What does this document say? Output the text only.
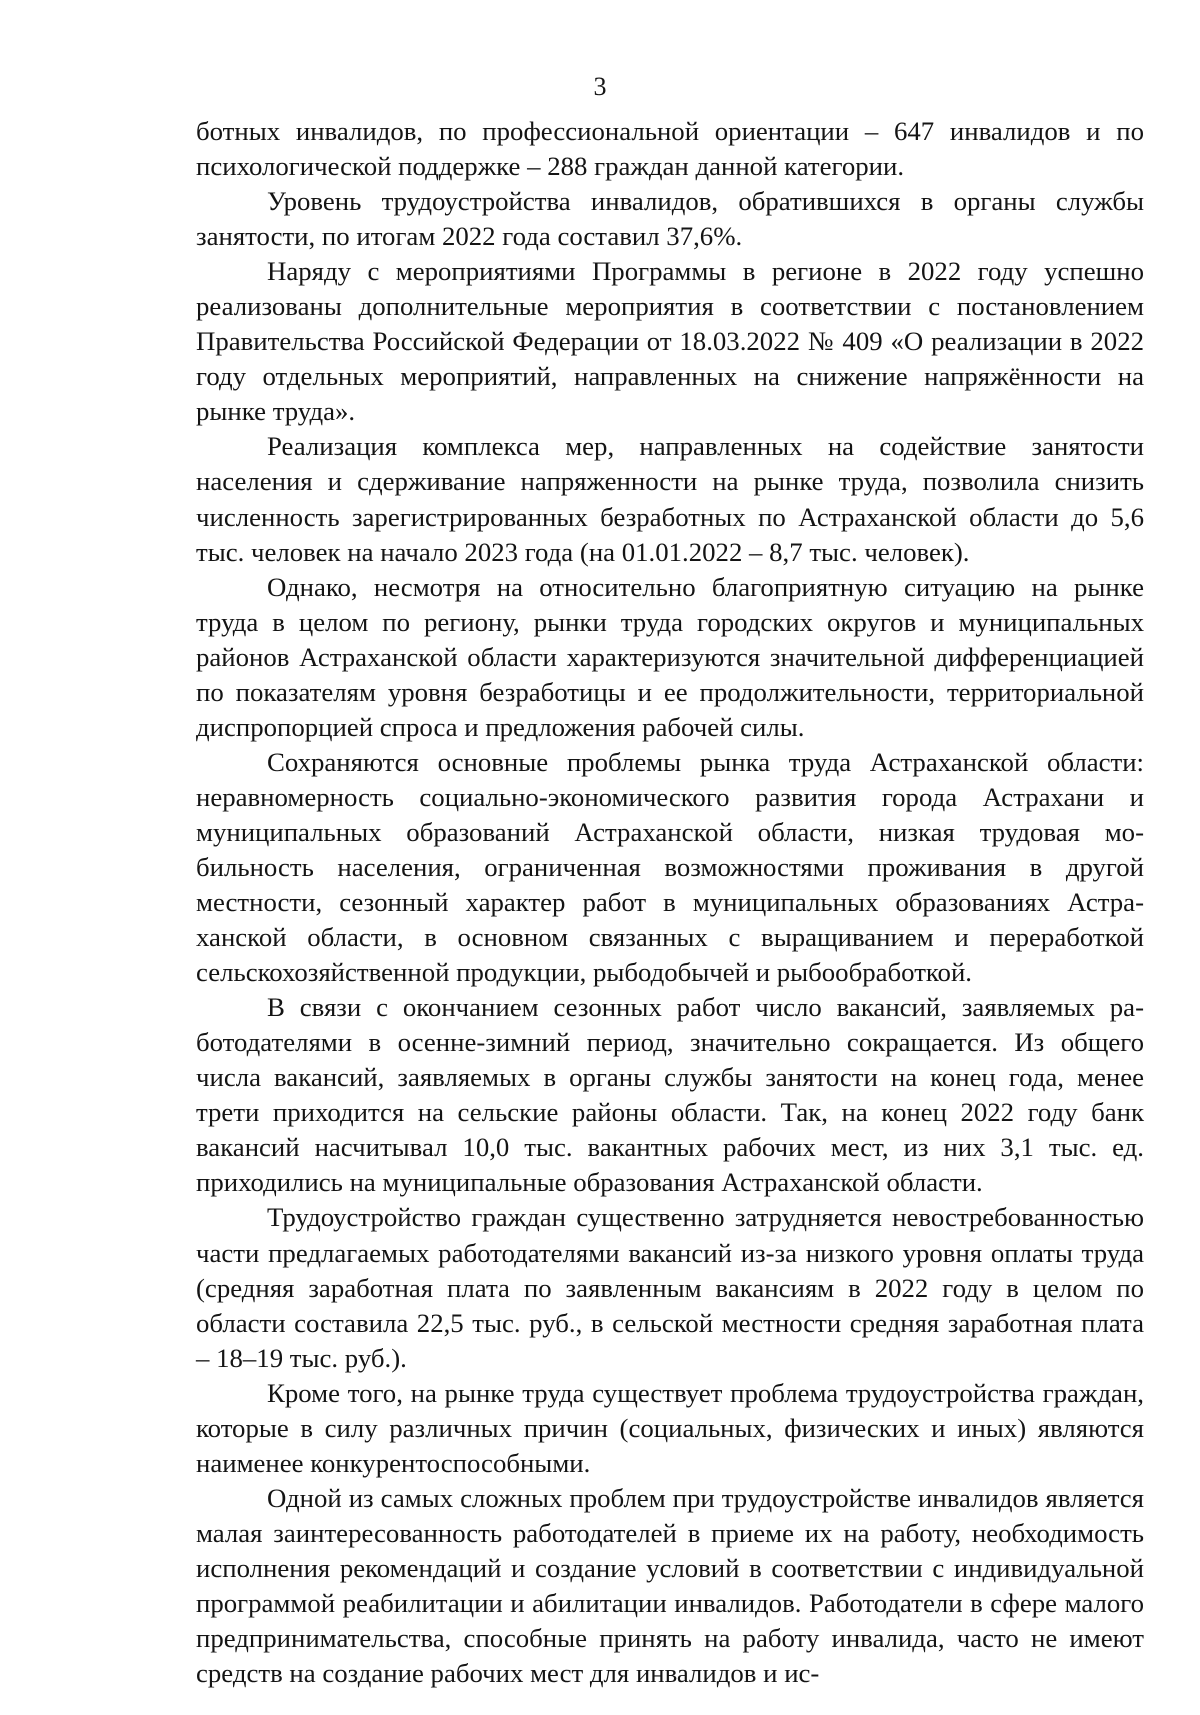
3

ботных инвалидов, по профессиональной ориентации – 647 инвалидов и по психологической поддержке – 288 граждан данной категории.

Уровень трудоустройства инвалидов, обратившихся в органы службы занятости, по итогам 2022 года составил 37,6%.

Наряду с мероприятиями Программы в регионе в 2022 году успешно реализованы дополнительные мероприятия в соответствии с постановлением Правительства Российской Федерации от 18.03.2022 № 409 «О реализации в 2022 году отдельных мероприятий, направленных на снижение напряжённости на рынке труда».

Реализация комплекса мер, направленных на содействие занятости населения и сдерживание напряженности на рынке труда, позволила снизить численность зарегистрированных безработных по Астраханской области до 5,6 тыс. человек на начало 2023 года (на 01.01.2022 – 8,7 тыс. человек).

Однако, несмотря на относительно благоприятную ситуацию на рынке труда в целом по региону, рынки труда городских округов и муниципальных районов Астраханской области характеризуются значительной дифференциацией по показателям уровня безработицы и ее продолжительности, территориальной диспропорцией спроса и предложения рабочей силы.

Сохраняются основные проблемы рынка труда Астраханской области: неравномерность социально-экономического развития города Астрахани и муниципальных образований Астраханской области, низкая трудовая мобильность населения, ограниченная возможностями проживания в другой местности, сезонный характер работ в муниципальных образованиях Астраханской области, в основном связанных с выращиванием и переработкой сельскохозяйственной продукции, рыбодобычей и рыбообработкой.

В связи с окончанием сезонных работ число вакансий, заявляемых работодателями в осенне-зимний период, значительно сокращается. Из общего числа вакансий, заявляемых в органы службы занятости на конец года, менее трети приходится на сельские районы области. Так, на конец 2022 году банк вакансий насчитывал 10,0 тыс. вакантных рабочих мест, из них 3,1 тыс. ед. приходились на муниципальные образования Астраханской области.

Трудоустройство граждан существенно затрудняется невостребованностью части предлагаемых работодателями вакансий из-за низкого уровня оплаты труда (средняя заработная плата по заявленным вакансиям в 2022 году в целом по области составила 22,5 тыс. руб., в сельской местности средняя заработная плата – 18–19 тыс. руб.).

Кроме того, на рынке труда существует проблема трудоустройства граждан, которые в силу различных причин (социальных, физических и иных) являются наименее конкурентоспособными.

Одной из самых сложных проблем при трудоустройстве инвалидов является малая заинтересованность работодателей в приеме их на работу, необходимость исполнения рекомендаций и создание условий в соответствии с индивидуальной программой реабилитации и абилитации инвалидов. Работодатели в сфере малого предпринимательства, способные принять на работу инвалида, часто не имеют средств на создание рабочих мест для инвалидов и ис-
